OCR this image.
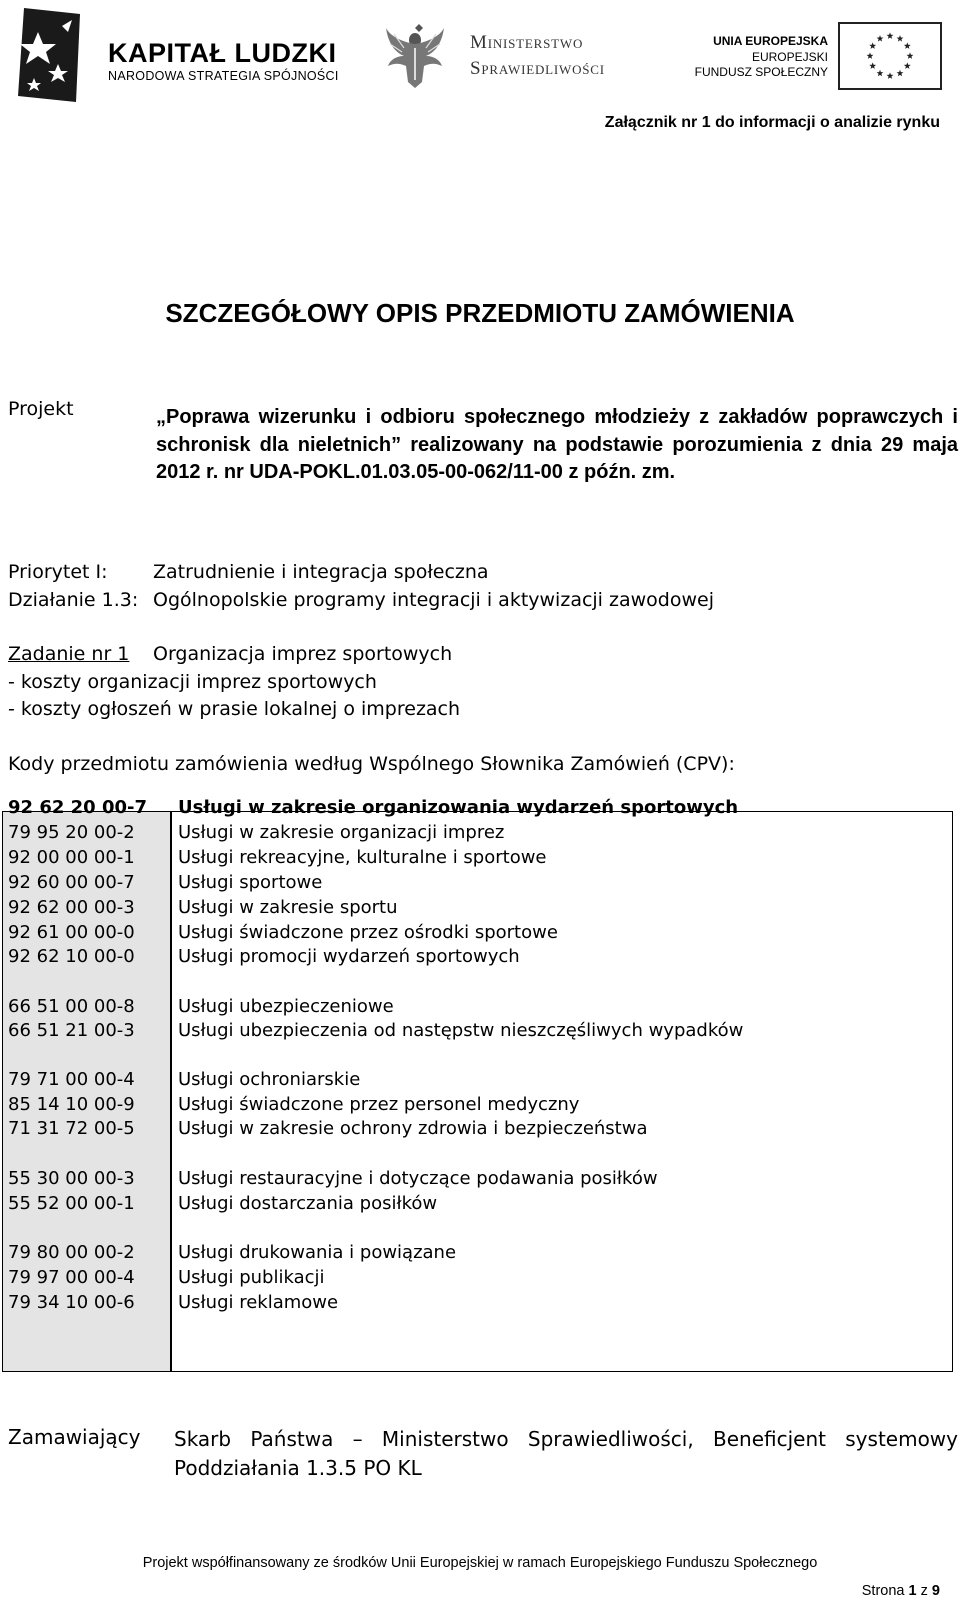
KAPITAŁ LUDZKI
NARODOWA STRATEGIA SPÓJNOŚCI
Ministerstwo
Sprawiedliwości
UNIA EUROPEJSKA
EUROPEJSKI
FUNDUSZ SPOŁECZNY
Załącznik nr 1 do informacji o analizie rynku
SZCZEGÓŁOWY OPIS PRZEDMIOTU ZAMÓWIENIA
Projekt	„Poprawa wizerunku i odbioru społecznego młodzieży z zakładów poprawczych i schronisk dla nieletnich” realizowany na podstawie porozumienia z dnia 29 maja 2012 r. nr UDA-POKL.01.03.05-00-062/11-00 z późn. zm.
Priorytet I: Zatrudnienie i integracja społeczna
Działanie 1.3: Ogólnopolskie programy integracji i aktywizacji zawodowej
Zadanie nr 1	Organizacja imprez sportowych
- koszty organizacji imprez sportowych
- koszty ogłoszeń w prasie lokalnej o imprezach
Kody przedmiotu zamówienia według Wspólnego Słownika Zamówień (CPV):
92 62 20 00-7	Usługi w zakresie organizowania wydarzeń sportowych
79 95 20 00-2	Usługi w zakresie organizacji imprez
92 00 00 00-1	Usługi rekreacyjne, kulturalne i sportowe
92 60 00 00-7	Usługi sportowe
92 62 00 00-3	Usługi w zakresie sportu
92 61 00 00-0	Usługi świadczone przez ośrodki sportowe
92 62 10 00-0	Usługi promocji wydarzeń sportowych
66 51 00 00-8	Usługi ubezpieczeniowe
66 51 21 00-3	Usługi ubezpieczenia od następstw nieszczęśliwych wypadków
79 71 00 00-4	Usługi ochroniarskie
85 14 10 00-9	Usługi świadczone przez personel medyczny
71 31 72 00-5	Usługi w zakresie ochrony zdrowia i bezpieczeństwa
55 30 00 00-3	Usługi restauracyjne i dotyczące podawania posiłków
55 52 00 00-1	Usługi dostarczania posiłków
79 80 00 00-2	Usługi drukowania i powiązane
79 97 00 00-4	Usługi publikacji
79 34 10 00-6	Usługi reklamowe
Zamawiający Skarb Państwa – Ministerstwo Sprawiedliwości, Beneficjent systemowy Poddziałania 1.3.5 PO KL
Projekt współfinansowany ze środków Unii Europejskiej w ramach Europejskiego Funduszu Społecznego
Strona 1 z 9
